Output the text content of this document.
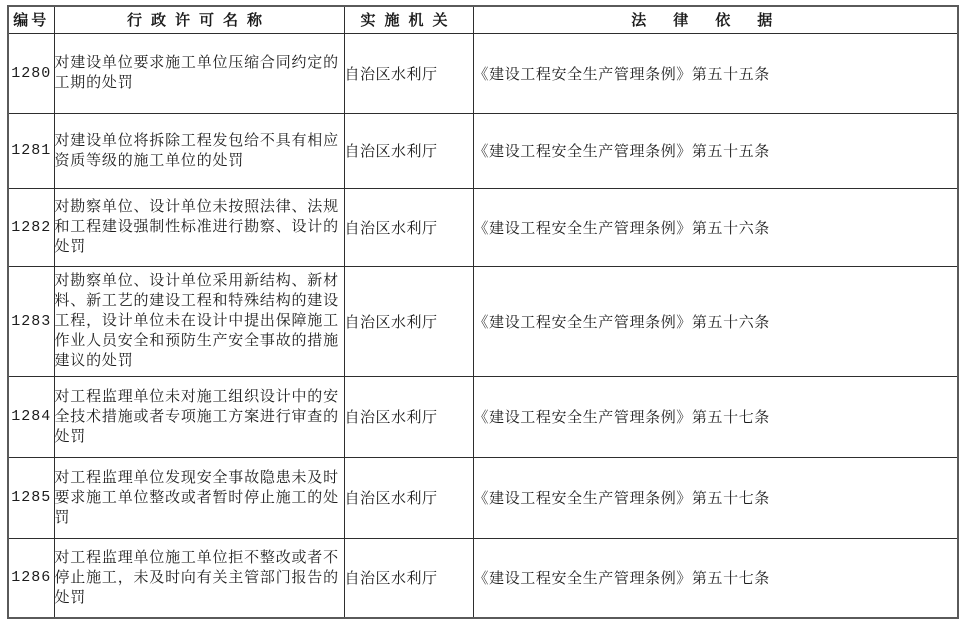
编号	行政许可名称	实施机关	法律依据
1280	对建设单位要求施工单位压缩合同约定的工期的处罚	自治区水利厅	《建设工程安全生产管理条例》第五十五条
1281	对建设单位将拆除工程发包给不具有相应资质等级的施工单位的处罚	自治区水利厅	《建设工程安全生产管理条例》第五十五条
1282	对勘察单位、设计单位未按照法律、法规和工程建设强制性标准进行勘察、设计的处罚	自治区水利厅	《建设工程安全生产管理条例》第五十六条
1283	对勘察单位、设计单位采用新结构、新材料、新工艺的建设工程和特殊结构的建设工程，设计单位未在设计中提出保障施工作业人员安全和预防生产安全事故的措施建议的处罚	自治区水利厅	《建设工程安全生产管理条例》第五十六条
1284	对工程监理单位未对施工组织设计中的安全技术措施或者专项施工方案进行审查的处罚	自治区水利厅	《建设工程安全生产管理条例》第五十七条
1285	对工程监理单位发现安全事故隐患未及时要求施工单位整改或者暂时停止施工的处罚	自治区水利厅	《建设工程安全生产管理条例》第五十七条
1286	对工程监理单位施工单位拒不整改或者不停止施工，未及时向有关主管部门报告的处罚	自治区水利厅	《建设工程安全生产管理条例》第五十七条
